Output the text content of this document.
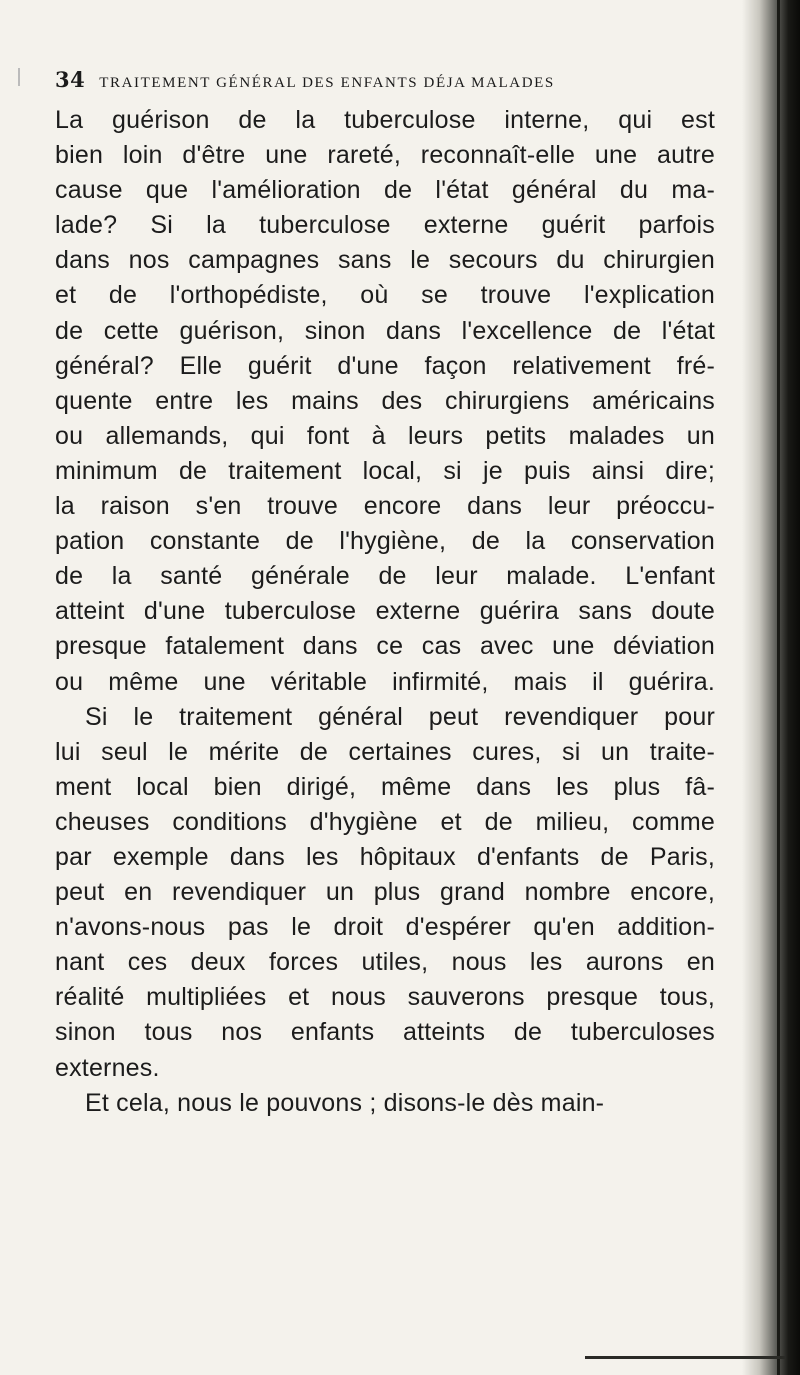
34 TRAITEMENT GÉNÉRAL DES ENFANTS DÉJA MALADES
La guérison de la tuberculose interne, qui est
bien loin d'être une rareté, reconnaît-elle une autre
cause que l'amélioration de l'état général du ma-
lade? Si la tuberculose externe guérit parfois
dans nos campagnes sans le secours du chirurgien
et de l'orthopédiste, où se trouve l'explication
de cette guérison, sinon dans l'excellence de l'état
général? Elle guérit d'une façon relativement fré-
quente entre les mains des chirurgiens américains
ou allemands, qui font à leurs petits malades un
minimum de traitement local, si je puis ainsi dire;
la raison s'en trouve encore dans leur préoccu-
pation constante de l'hygiène, de la conservation
de la santé générale de leur malade. L'enfant
atteint d'une tuberculose externe guérira sans doute
presque fatalement dans ce cas avec une déviation
ou même une véritable infirmité, mais il guérira.
Si le traitement général peut revendiquer pour
lui seul le mérite de certaines cures, si un traite-
ment local bien dirigé, même dans les plus fâ-
cheuses conditions d'hygiène et de milieu, comme
par exemple dans les hôpitaux d'enfants de Paris,
peut en revendiquer un plus grand nombre encore,
n'avons-nous pas le droit d'espérer qu'en addition-
nant ces deux forces utiles, nous les aurons en
réalité multipliées et nous sauverons presque tous,
sinon tous nos enfants atteints de tuberculoses
externes.
Et cela, nous le pouvons ; disons-le dès main-
